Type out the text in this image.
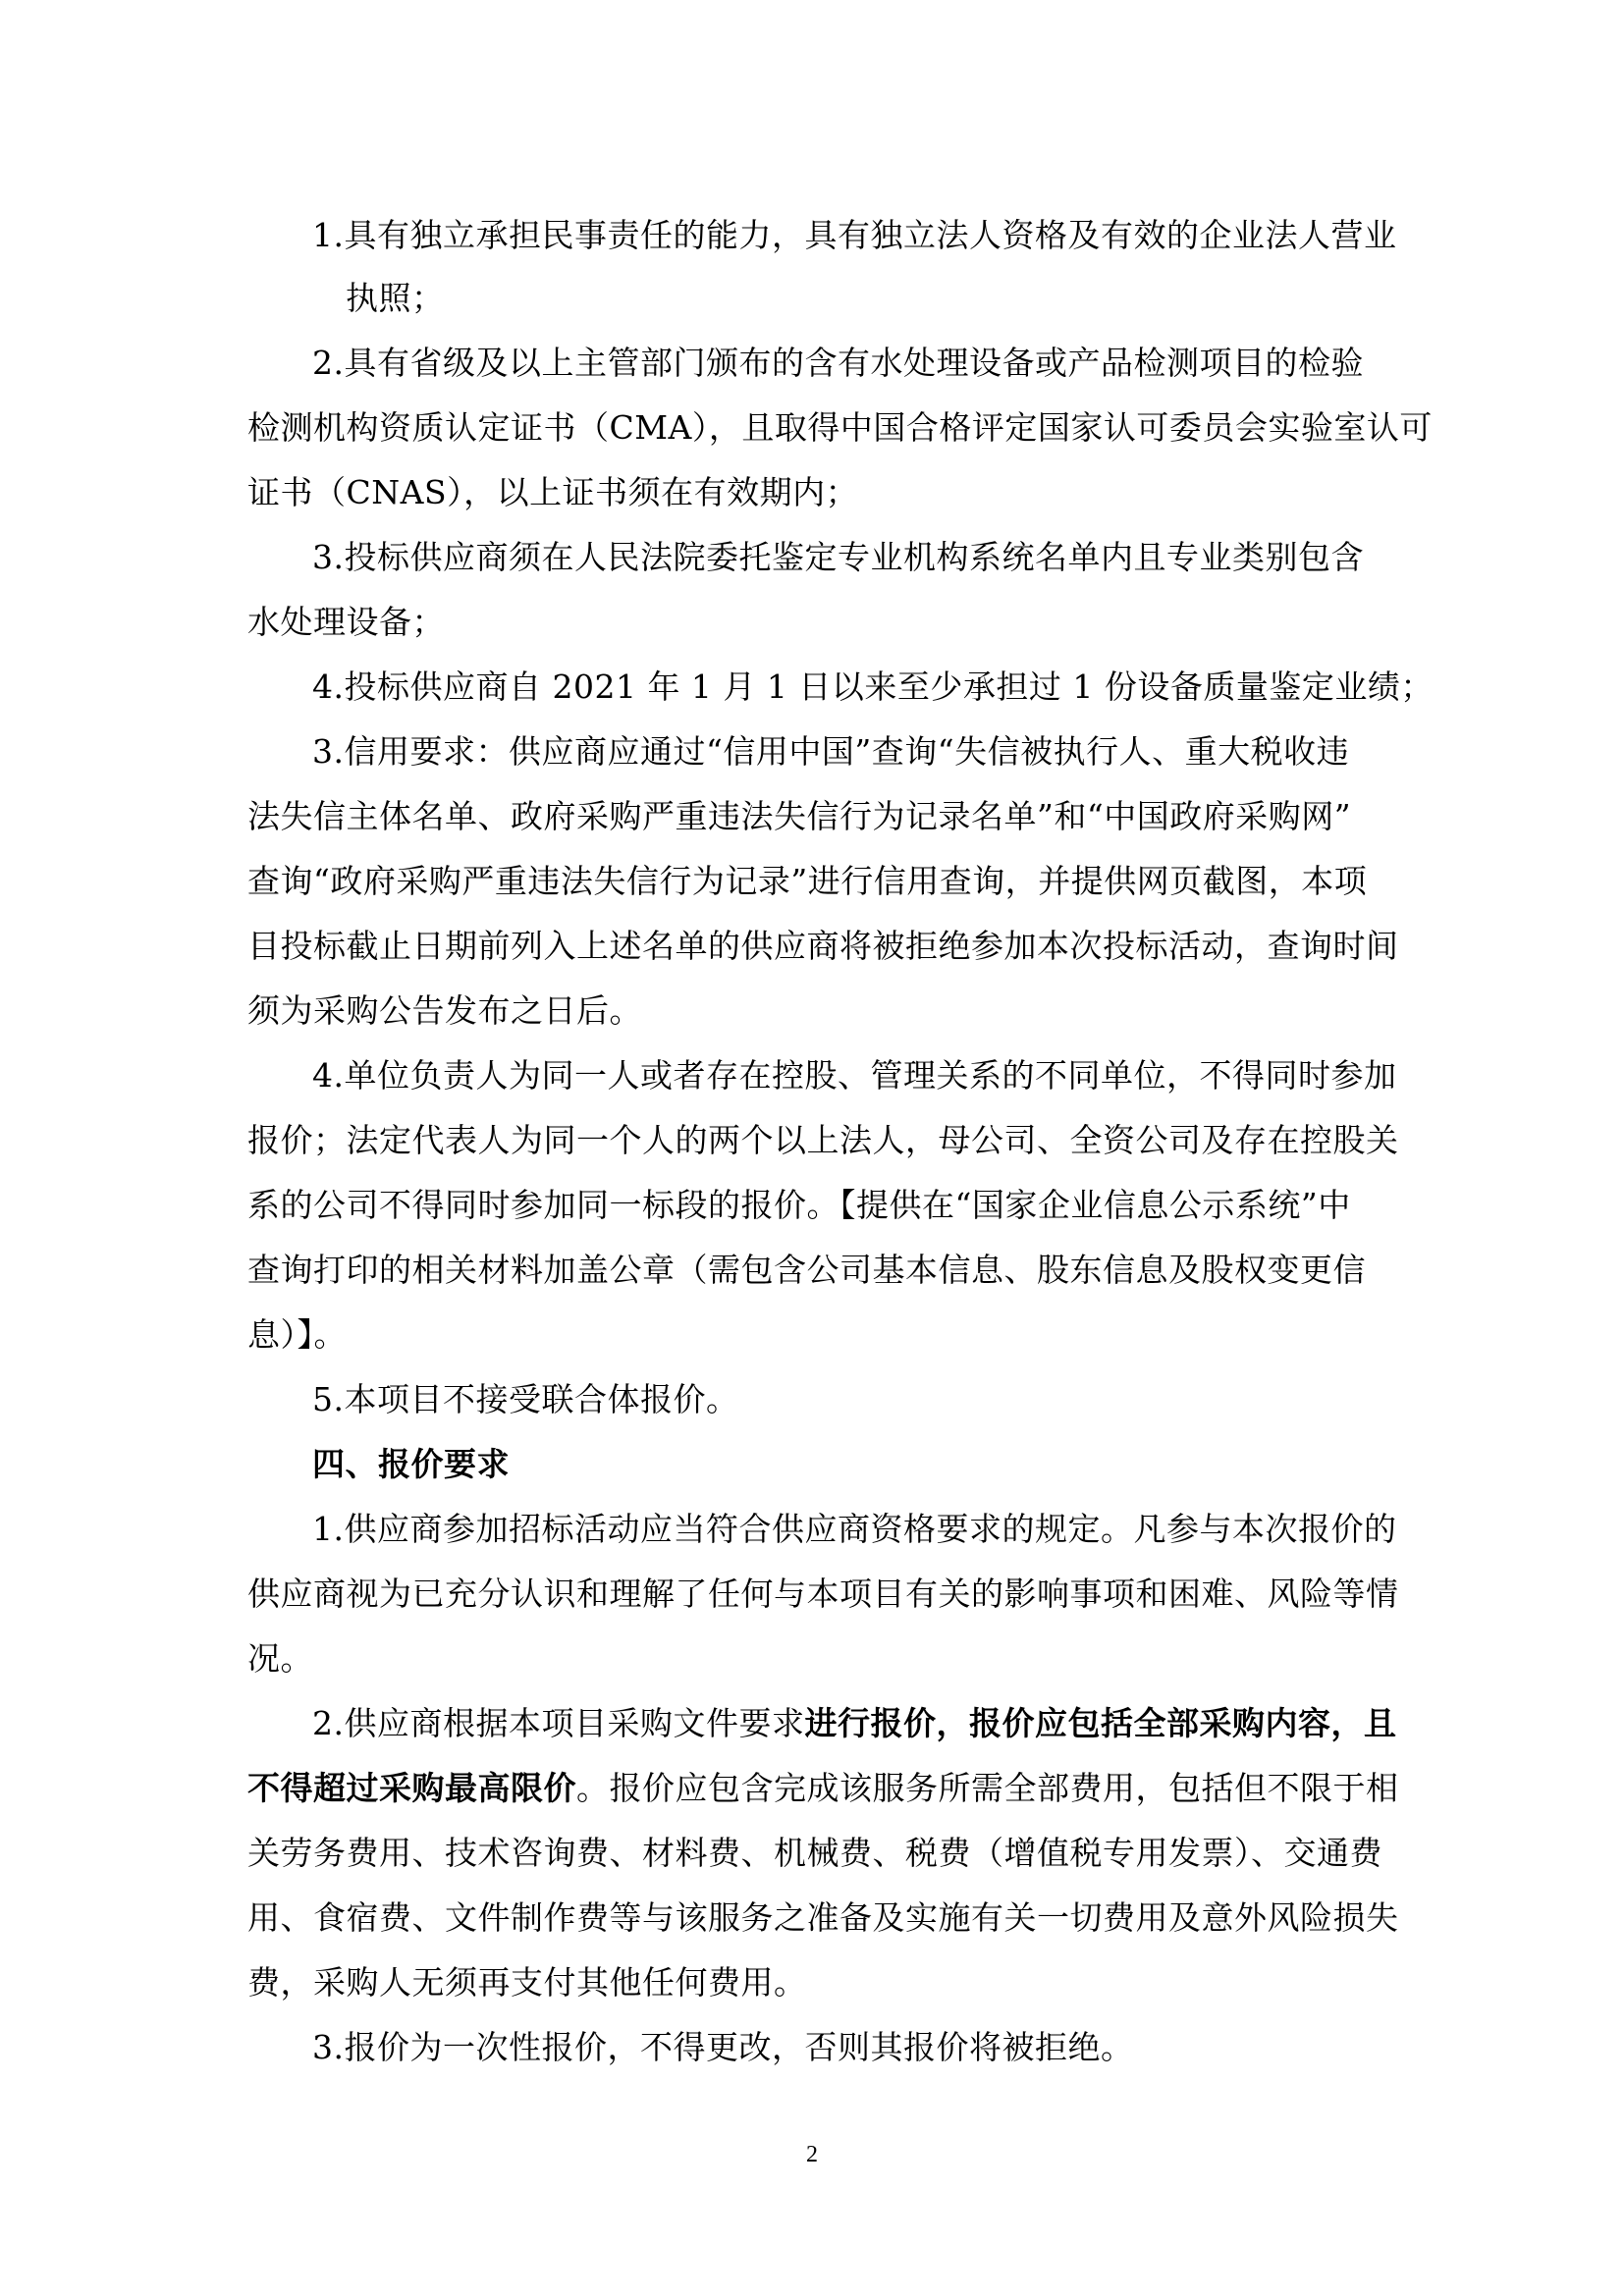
1.具有独立承担民事责任的能力，具有独立法人资格及有效的企业法人营业
执照；
2.具有省级及以上主管部门颁布的含有水处理设备或产品检测项目的检验
检测机构资质认定证书（CMA），且取得中国合格评定国家认可委员会实验室认可
证书（CNAS），以上证书须在有效期内；
3.投标供应商须在人民法院委托鉴定专业机构系统名单内且专业类别包含
水处理设备；
4.投标供应商自 2021 年 1 月 1 日以来至少承担过 1 份设备质量鉴定业绩；
3.信用要求：供应商应通过“信用中国”查询“失信被执行人、重大税收违
法失信主体名单、政府采购严重违法失信行为记录名单”和“中国政府采购网”
查询“政府采购严重违法失信行为记录”进行信用查询，并提供网页截图，本项
目投标截止日期前列入上述名单的供应商将被拒绝参加本次投标活动，查询时间
须为采购公告发布之日后。
4.单位负责人为同一人或者存在控股、管理关系的不同单位，不得同时参加
报价；法定代表人为同一个人的两个以上法人，母公司、全资公司及存在控股关
系的公司不得同时参加同一标段的报价。【提供在“国家企业信息公示系统”中
查询打印的相关材料加盖公章（需包含公司基本信息、股东信息及股权变更信
息）】。
5.本项目不接受联合体报价。
四、报价要求
1.供应商参加招标活动应当符合供应商资格要求的规定。凡参与本次报价的
供应商视为已充分认识和理解了任何与本项目有关的影响事项和困难、风险等情
况。
2.供应商根据本项目采购文件要求进行报价，报价应包括全部采购内容，且
不得超过采购最高限价。报价应包含完成该服务所需全部费用，包括但不限于相
关劳务费用、技术咨询费、材料费、机械费、税费（增值税专用发票）、交通费
用、食宿费、文件制作费等与该服务之准备及实施有关一切费用及意外风险损失
费，采购人无须再支付其他任何费用。
3.报价为一次性报价，不得更改，否则其报价将被拒绝。
2
